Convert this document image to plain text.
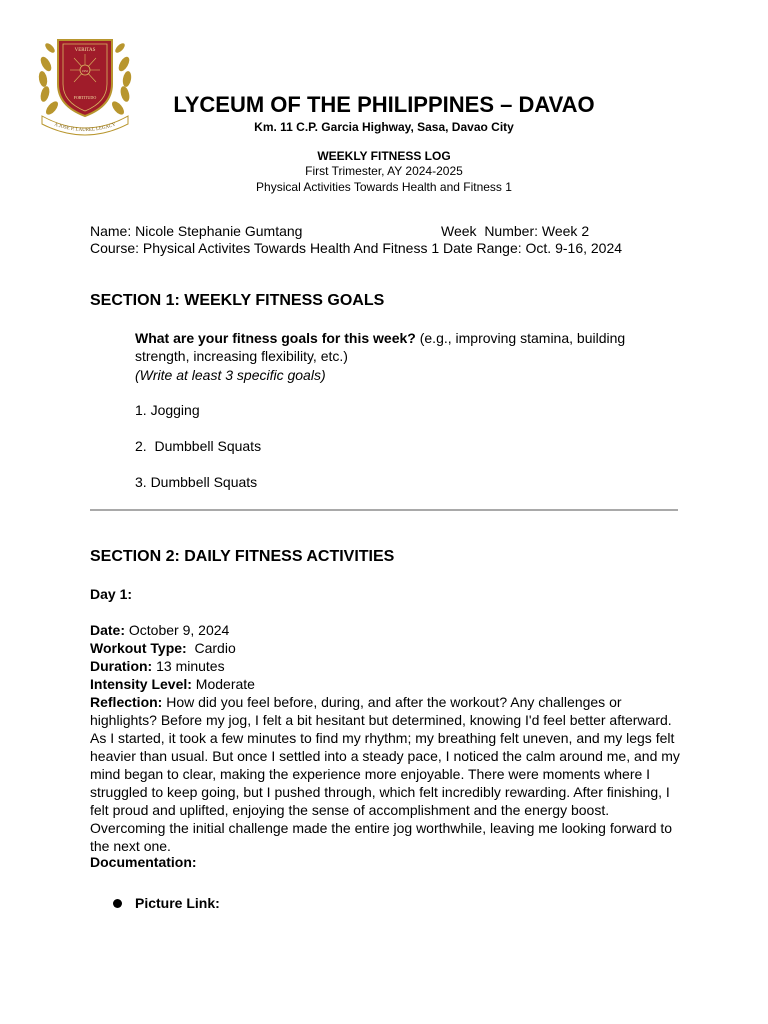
VERITAS
FORTITUDO
1952
A JOSE P. LAUREL LEGACY
LYCEUM OF THE PHILIPPINES – DAVAO
Km. 11 C.P. Garcia Highway, Sasa, Davao City
WEEKLY FITNESS LOG
First Trimester, AY 2024-2025
Physical Activities Towards Health and Fitness 1
Name: Nicole Stephanie Gumtang	Week  Number: Week 2
Course: Physical Activites Towards Health And Fitness 1 Date Range: Oct. 9-16, 2024
SECTION 1: WEEKLY FITNESS GOALS
What are your fitness goals for this week? (e.g., improving stamina, building strength, increasing flexibility, etc.)
(Write at least 3 specific goals)
1. Jogging
2.  Dumbbell Squats
3. Dumbbell Squats
SECTION 2: DAILY FITNESS ACTIVITIES
Day 1:
Date: October 9, 2024
Workout Type:  Cardio
Duration: 13 minutes
Intensity Level: Moderate
Reflection: How did you feel before, during, and after the workout? Any challenges or highlights? Before my jog, I felt a bit hesitant but determined, knowing I'd feel better afterward. As I started, it took a few minutes to find my rhythm; my breathing felt uneven, and my legs felt heavier than usual. But once I settled into a steady pace, I noticed the calm around me, and my mind began to clear, making the experience more enjoyable. There were moments where I struggled to keep going, but I pushed through, which felt incredibly rewarding. After finishing, I felt proud and uplifted, enjoying the sense of accomplishment and the energy boost. Overcoming the initial challenge made the entire jog worthwhile, leaving me looking forward to the next one.
Documentation:
Picture Link:
